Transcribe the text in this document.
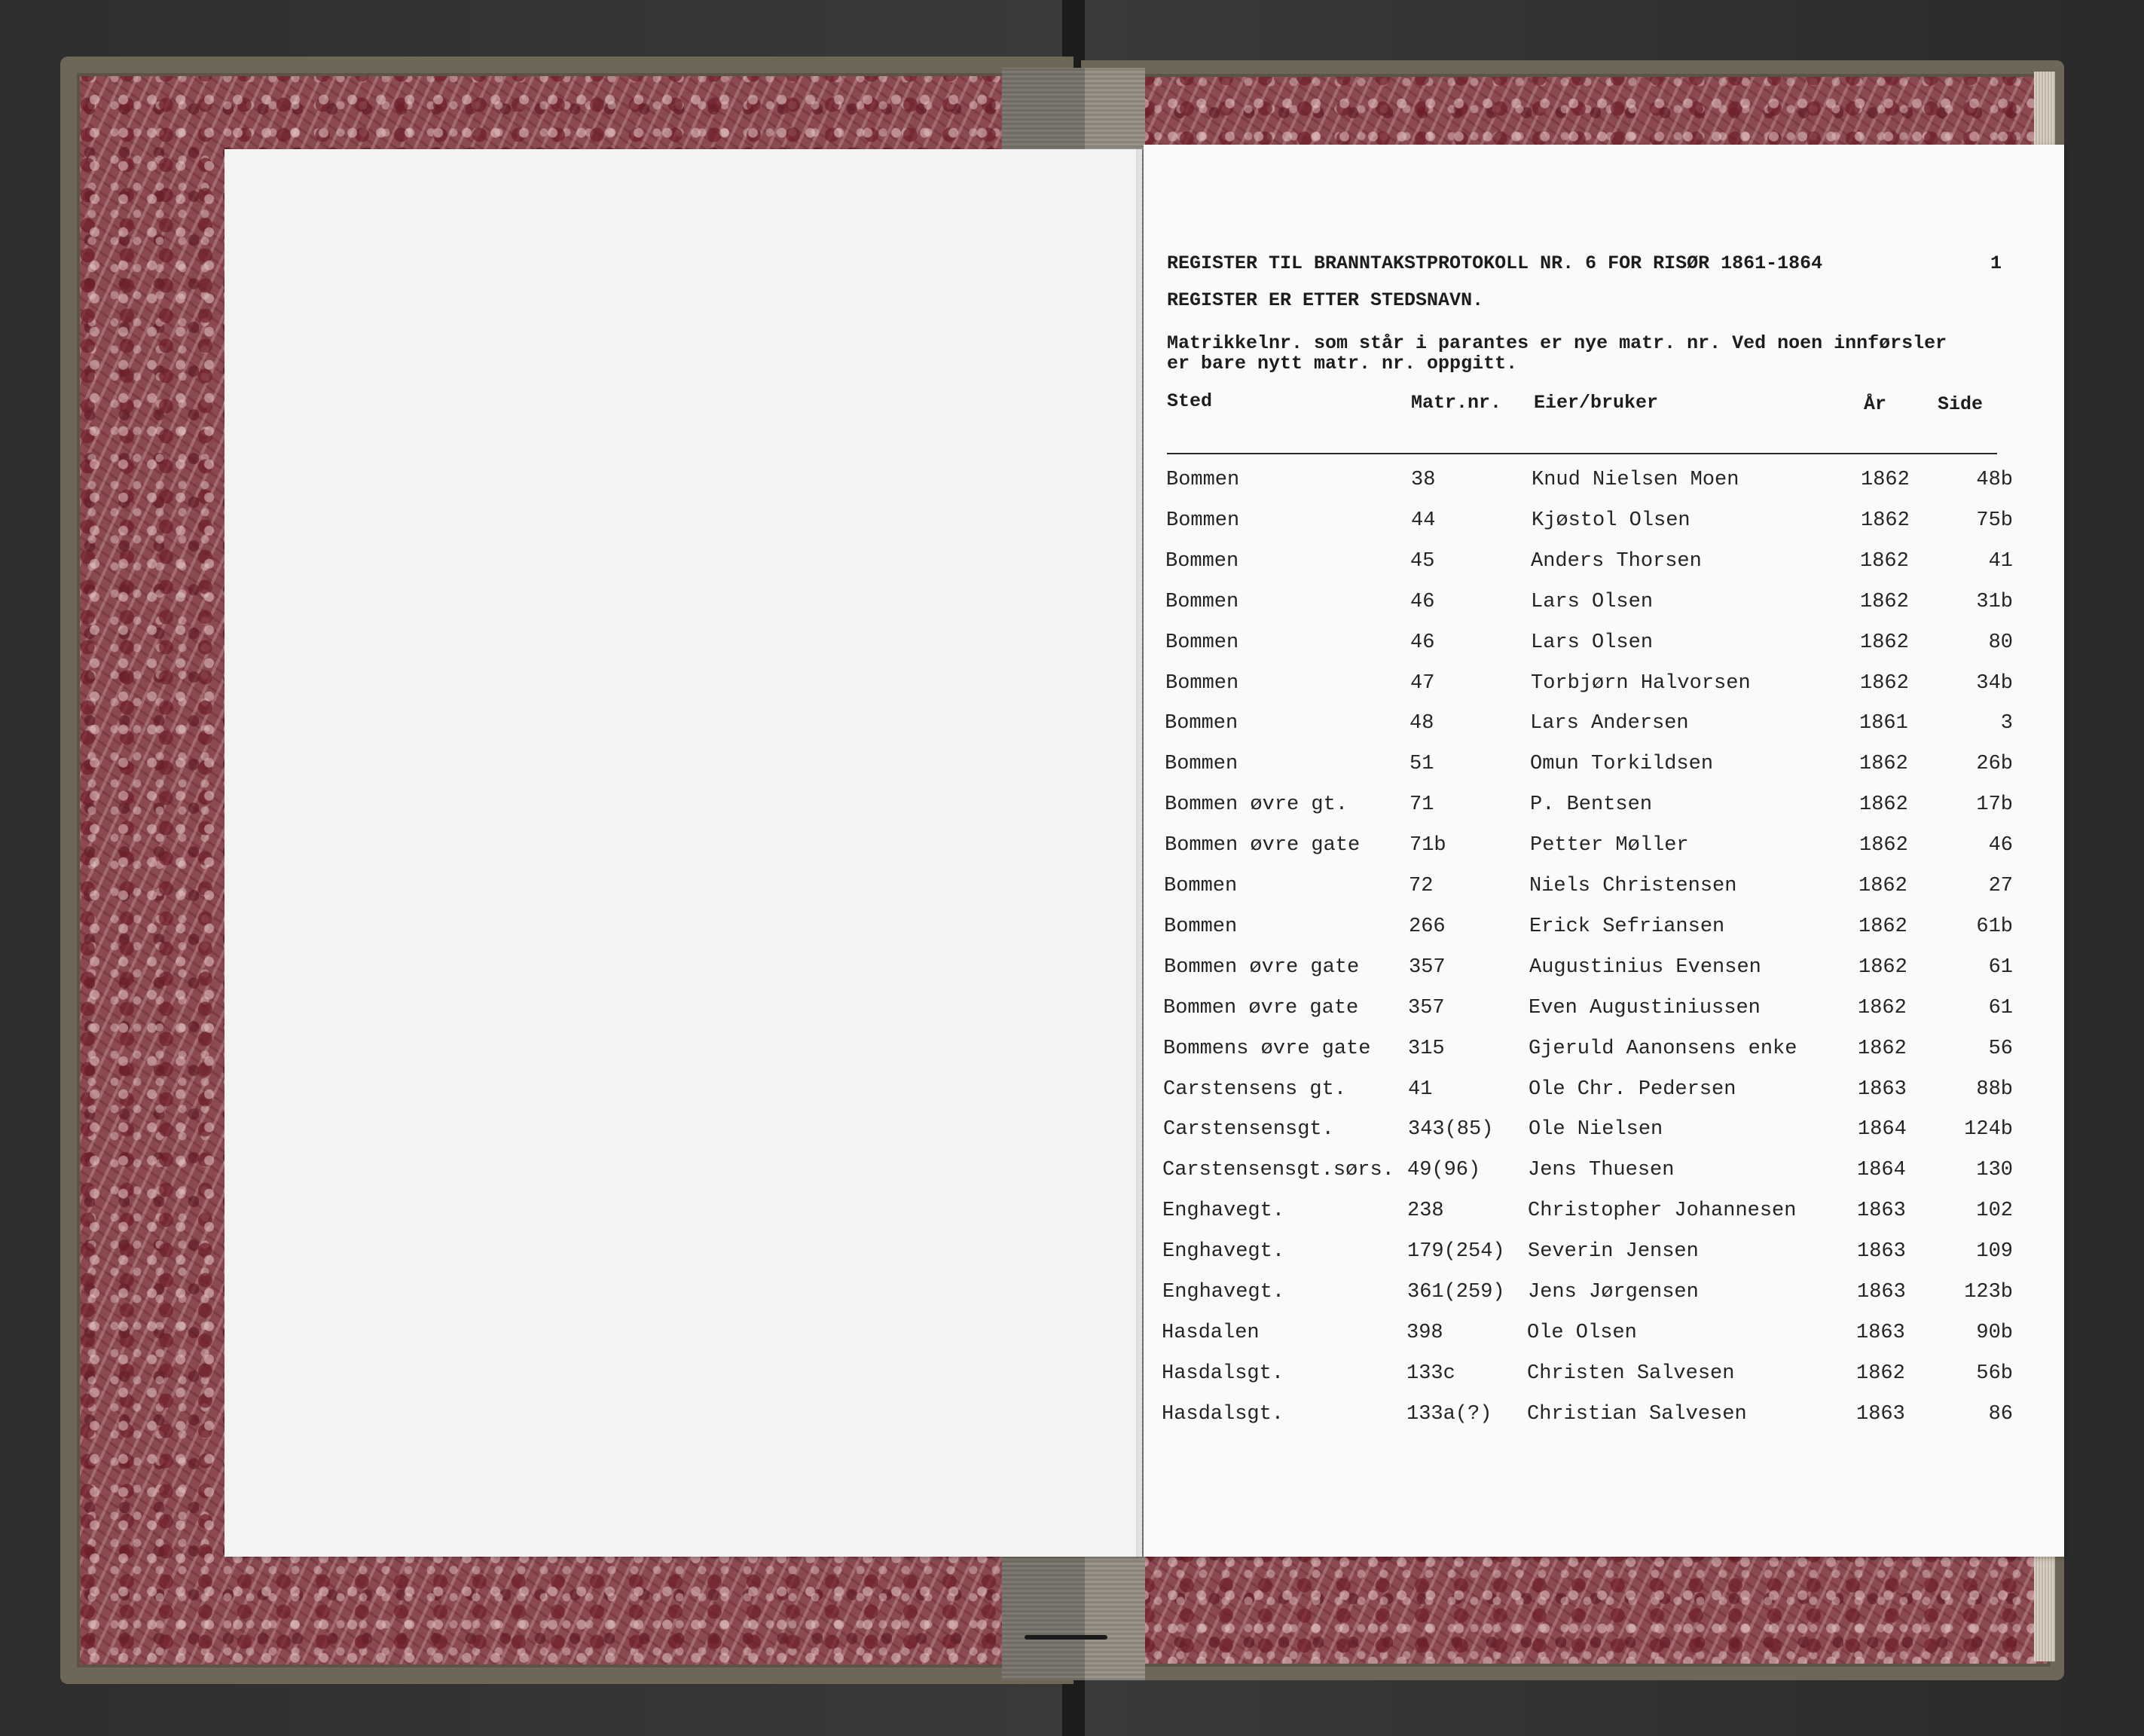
REGISTER TIL BRANNTAKSTPROTOKOLL NR. 6 FOR RISØR 1861-1864	1
REGISTER ER ETTER STEDSNAVN.
Matrikkelnr. som står i parantes er nye matr. nr. Ved noen innførsler
er bare nytt matr. nr. oppgitt.
Sted	Matr.nr. Eier/bruker	År	Side
Bommen	38	Knud Nielsen Moen	1862	48b
Bommen	44	Kjøstol Olsen	1862	75b
Bommen	45	Anders Thorsen	1862	41
Bommen	46	Lars Olsen	1862	31b
Bommen	46	Lars Olsen	1862	80
Bommen	47	Torbjørn Halvorsen	1862	34b
Bommen	48	Lars Andersen	1861	3
Bommen	51	Omun Torkildsen	1862	26b
Bommen øvre gt.	71	P. Bentsen	1862	17b
Bommen øvre gate 71b	Petter Møller	1862	46
Bommen	72	Niels Christensen	1862	27
Bommen	266	Erick Sefriansen	1862	61b
Bommen øvre gate 357	Augustinius Evensen	1862	61
Bommen øvre gate 357	Even Augustiniussen	1862	61
Bommens øvre gate 315	Gjeruld Aanonsens enke	1862	56
Carstensens gt.	41	Ole Chr. Pedersen	1863	88b
Carstensensgt.	343(85) Ole Nielsen	1864	124b
Carstensensgt.sørs. 49(96) Jens Thuesen	1864	130
Enghavegt.	238	Christopher Johannesen	1863	102
Enghavegt.	179(254) Severin Jensen	1863	109
Enghavegt.	361(259) Jens Jørgensen	1863	123b
Hasdalen	398	Ole Olsen	1863	90b
Hasdalsgt.	133c	Christen Salvesen	1862	56b
Hasdalsgt.	133a(?) Christian Salvesen	1863	86
